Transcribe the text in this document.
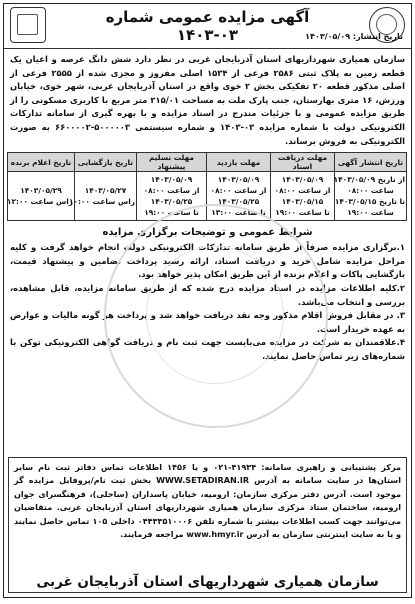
آگهی مزایده عمومی شماره ۰۳-۱۴۰۳	تاریخ انتشار: ۱۴۰۳/۰۵/۰۹
سازمان همیاری شهرداریهای استان آذربایجان غربی در نظر دارد شش دانگ عرصه و اعیان یک قطعه زمین به پلاک ثبتی ۲۵۸۶ فرعی از ۱۵۳۴ اصلی مفروز و مجزی شده از ۲۵۵۵ فرعی از اصلی مذکور قطعه ۲۰ تفکیکی بخش ۲ خوی واقع در استان آذربایجان غربی، شهر خوی، خیابان ورزش، ۱۶ متری بهارستان، جنب پارک ملت به مساحت ۲۱۵/۰۱ متر مربع با کاربری مسکونی را از طریق مزایده عمومی و با جزئیات مندرج در اسناد مزایده و با بهره گیری از سامانه تدارکات الکترونیکی دولت با شماره مزایده ۰۳-۱۴۰۳ و شماره سیستمی ۵۰۰۰۰۰۳-۶۶۰۰۰۰۲ به صورت الکترونیکی به فروش برساند.
تاریخ انتشار آگهی	مهلت دریافت اسناد	مهلت بازدید	مهلت تسلیم پیشنهاد	تاریخ بازگشایی	تاریخ اعلام برنده

از تاریخ ۱۴۰۳/۰۵/۰۹
ساعت ۰۸:۰۰
تا تاریخ ۱۴۰۳/۰۵/۱۵
ساعت ۱۹:۰۰	۱۴۰۳/۰۵/۰۹
از ساعت ۰۸:۰۰
۱۴۰۳/۰۵/۱۵
تا ساعت ۱۹:۰۰	۱۴۰۳/۰۵/۰۹
از ساعت ۰۸:۰۰
۱۴۰۳/۰۵/۲۵
تا ساعت ۱۳:۰۰	۱۴۰۳/۰۵/۰۹
از ساعت ۰۸:۰۰
۱۴۰۳/۰۵/۲۵
تا ساعت ۱۹:۰۰	۱۴۰۳/۰۵/۲۷
راس ساعت ۱۰:۰۰	۱۴۰۳/۰۵/۲۹
راس ساعت ۱۲:۰۰
شرایط عمومی و توضیحات برگزاری مزایده
۱.برگزاری مزایده صرفاً از طریق سامانه تدارکات الکترونیکی دولت انجام خواهد گرفت و کلیه مراحل مزایده شامل خرید و دریافت اسناد، ارائه رسید پرداخت تضامین و پیشنهاد قیمت، بازگشایی پاکات و اعلام برنده از این طریق امکان پذیر خواهد بود.
۲.کلیه اطلاعات مزایده در اسناد مزایده درج شده که از طریق سامانه مزایده، قابل مشاهده، بررسی و انتخاب می‌باشد.
۳. در مقابل فروش اقلام مذکور وجه نقد دریافت خواهد شد و پرداخت هر گونه مالیات و عوارض به عهده خریدار است.
۴.علاقمندان به شرکت در مزایده می‌بایست جهت ثبت نام و دریافت گواهی الکترونیکی توکن با شماره‌های زیر تماس حاصل نمایند.
مرکز پشتیبانی و راهبری سامانه: ۴۱۹۳۴-۰۲۱ و یا ۱۴۵۶ اطلاعات تماس دفاتر ثبت نام سایر استان‌ها در سایت سامانه به آدرس WWW.SETADIRAN.IR بخش ثبت نام/پروفایل مزایده گر موجود است. آدرس دفتر مرکزی سازمان: ارومیه، خیابان پاسداران (ساحلی)، فرهنگسرای جوان ارومیه، ساختمان ستاد مرکزی سازمان همیاری شهرداریهای استان آذربایجان غربی. متقاضیان می‌توانند جهت کسب اطلاعات بیشتر با شماره تلفن ۰۴۴۳۳۵۱۰۰۰۶ داخلی ۱۰۵ تماس حاصل نمایند و یا به سایت اینترنتی سازمان به آدرس www.hmyr.ir مراجعه فرمایند.
سازمان همیاری شهرداریهای استان آذربایجان غربی
